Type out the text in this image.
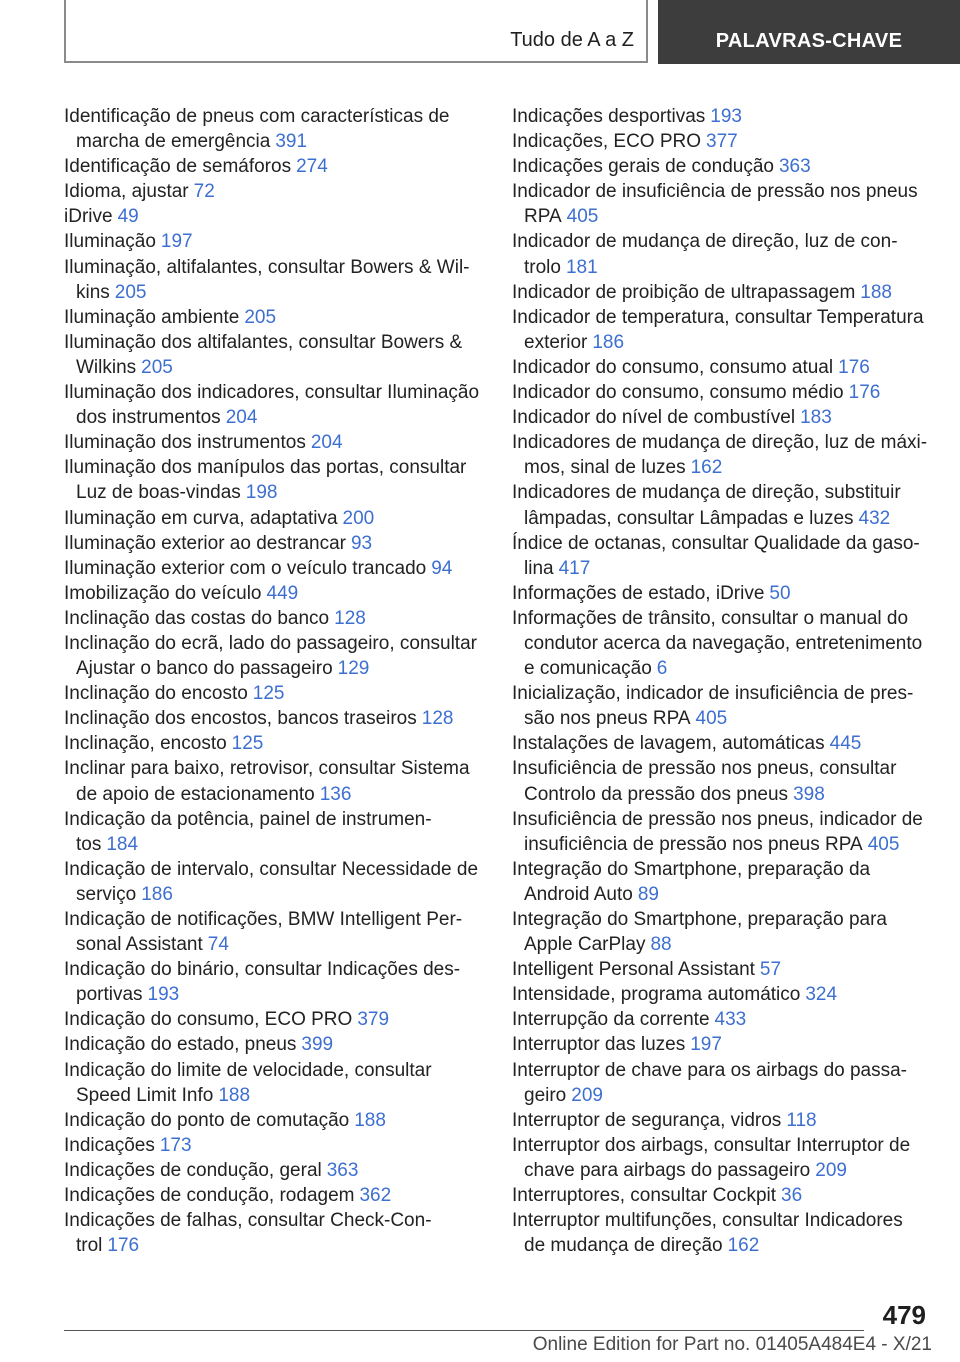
Tudo de A a Z	PALAVRAS-CHAVE
Identificação de pneus com características de
marcha de emergência 391
Identificação de semáforos 274
Idioma, ajustar 72
iDrive 49
Iluminação 197
Iluminação, altifalantes, consultar Bowers & Wil-
kins 205
Iluminação ambiente 205
Iluminação dos altifalantes, consultar Bowers &
Wilkins 205
Iluminação dos indicadores, consultar Iluminação
dos instrumentos 204
Iluminação dos instrumentos 204
Iluminação dos manípulos das portas, consultar
Luz de boas-vindas 198
Iluminação em curva, adaptativa 200
Iluminação exterior ao destrancar 93
Iluminação exterior com o veículo trancado 94
Imobilização do veículo 449
Inclinação das costas do banco 128
Inclinação do ecrã, lado do passageiro, consultar
Ajustar o banco do passageiro 129
Inclinação do encosto 125
Inclinação dos encostos, bancos traseiros 128
Inclinação, encosto 125
Inclinar para baixo, retrovisor, consultar Sistema
de apoio de estacionamento 136
Indicação da potência, painel de instrumen-
tos 184
Indicação de intervalo, consultar Necessidade de
serviço 186
Indicação de notificações, BMW Intelligent Per-
sonal Assistant 74
Indicação do binário, consultar Indicações des-
portivas 193
Indicação do consumo, ECO PRO 379
Indicação do estado, pneus 399
Indicação do limite de velocidade, consultar
Speed Limit Info 188
Indicação do ponto de comutação 188
Indicações 173
Indicações de condução, geral 363
Indicações de condução, rodagem 362
Indicações de falhas, consultar Check-Con-
trol 176
Indicações desportivas 193
Indicações, ECO PRO 377
Indicações gerais de condução 363
Indicador de insuficiência de pressão nos pneus
RPA 405
Indicador de mudança de direção, luz de con-
trolo 181
Indicador de proibição de ultrapassagem 188
Indicador de temperatura, consultar Temperatura
exterior 186
Indicador do consumo, consumo atual 176
Indicador do consumo, consumo médio 176
Indicador do nível de combustível 183
Indicadores de mudança de direção, luz de máxi-
mos, sinal de luzes 162
Indicadores de mudança de direção, substituir
lâmpadas, consultar Lâmpadas e luzes 432
Índice de octanas, consultar Qualidade da gaso-
lina 417
Informações de estado, iDrive 50
Informações de trânsito, consultar o manual do
condutor acerca da navegação, entretenimento
e comunicação 6
Inicialização, indicador de insuficiência de pres-
são nos pneus RPA 405
Instalações de lavagem, automáticas 445
Insuficiência de pressão nos pneus, consultar
Controlo da pressão dos pneus 398
Insuficiência de pressão nos pneus, indicador de
insuficiência de pressão nos pneus RPA 405
Integração do Smartphone, preparação da
Android Auto 89
Integração do Smartphone, preparação para
Apple CarPlay 88
Intelligent Personal Assistant 57
Intensidade, programa automático 324
Interrupção da corrente 433
Interruptor das luzes 197
Interruptor de chave para os airbags do passa-
geiro 209
Interruptor de segurança, vidros 118
Interruptor dos airbags, consultar Interruptor de
chave para airbags do passageiro 209
Interruptores, consultar Cockpit 36
Interruptor multifunções, consultar Indicadores
de mudança de direção 162
479
Online Edition for Part no. 01405A484E4 - X/21
